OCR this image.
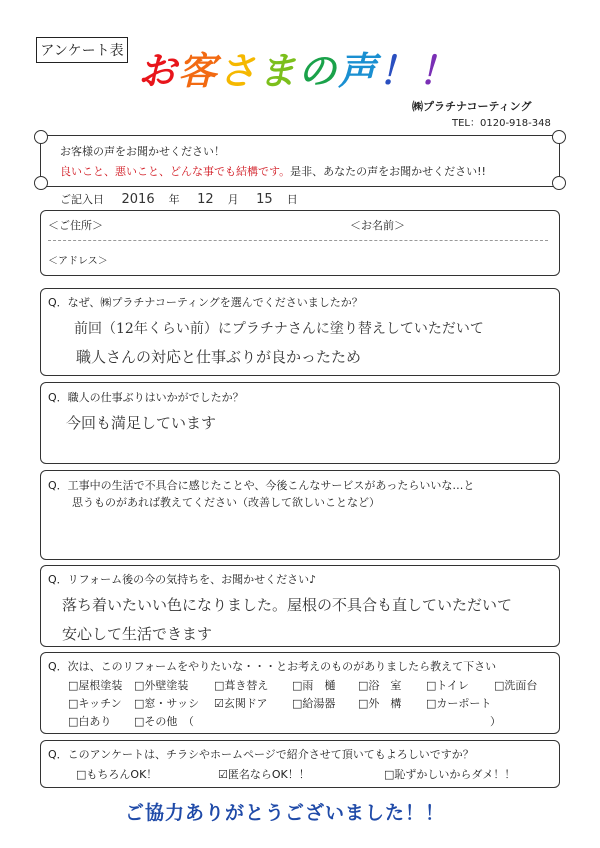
アンケート表 お客さまの声！！
㈱プラチナコーティング
TEL：0120-918-348
お客様の声をお聞かせください！
良いこと、悪いこと、どんな事でも結構です。是非、あなたの声をお聞かせください!!
ご記入日 2016 年 12 月 15 日
＜ご住所＞	＜お名前＞
＜アドレス＞
Q．なぜ、㈱プラチナコーティングを選んでくださいましたか？
前回（12年くらい前）にプラチナさんに塗り替えしていただいて
職人さんの対応と仕事ぶりが良かったため
Q．職人の仕事ぶりはいかがでしたか？
今回も満足しています
Q．工事中の生活で不具合に感じたことや、今後こんなサービスがあったらいいな…と
思うものがあれば教えてください（改善して欲しいことなど）
Q．リフォーム後の今の気持ちを、お聞かせください♪
落ち着いたいい色になりました。屋根の不具合も直していただいて
安心して生活できます
Q．次は、このリフォームをやりたいな・・・とお考えのものがありましたら教えて下さい
□屋根塗装 □外壁塗装 □葺き替え □雨　樋 □浴　室 □トイレ □洗面台
□キッチン □窓・サッシ ☑玄関ドア □給湯器 □外　構 □カーポート
□白あり □その他　（	）
Q．このアンケートは、チラシやホームページで紹介させて頂いてもよろしいですか？
□もちろんOK！	☑匿名ならOK！！	□恥ずかしいからダメ！！
ご協力ありがとうございました！！
